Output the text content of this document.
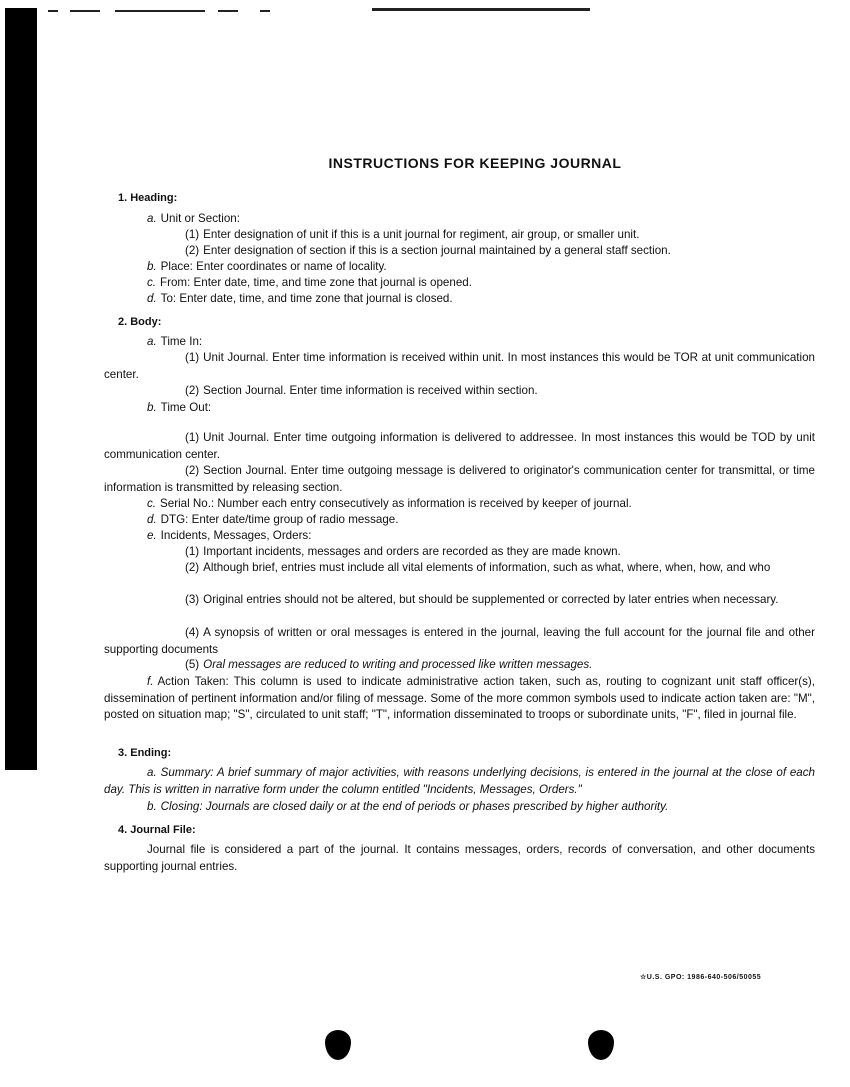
INSTRUCTIONS FOR KEEPING JOURNAL
1. Heading:
a. Unit or Section:
(1) Enter designation of unit if this is a unit journal for regiment, air group, or smaller unit.
(2) Enter designation of section if this is a section journal maintained by a general staff section.
b. Place: Enter coordinates or name of locality.
c. From: Enter date, time, and time zone that journal is opened.
d. To: Enter date, time, and time zone that journal is closed.
2. Body:
a. Time In:
(1) Unit Journal. Enter time information is received within unit. In most instances this would be TOR at unit communication center.
(2) Section Journal. Enter time information is received within section.
b. Time Out:
(1) Unit Journal. Enter time outgoing information is delivered to addressee. In most instances this would be TOD by unit communication center.
(2) Section Journal. Enter time outgoing message is delivered to originator's communication center for transmittal, or time information is transmitted by releasing section.
c. Serial No.: Number each entry consecutively as information is received by keeper of journal.
d. DTG: Enter date/time group of radio message.
e. Incidents, Messages, Orders:
(1) Important incidents, messages and orders are recorded as they are made known.
(2) Although brief, entries must include all vital elements of information, such as what, where, when, how, and who
(3) Original entries should not be altered, but should be supplemented or corrected by later entries when necessary.
(4) A synopsis of written or oral messages is entered in the journal, leaving the full account for the journal file and other supporting documents
(5) Oral messages are reduced to writing and processed like written messages.
f. Action Taken: This column is used to indicate administrative action taken, such as, routing to cognizant unit staff officer(s), dissemination of pertinent information and/or filing of message. Some of the more common symbols used to indicate action taken are: "M", posted on situation map; "S", circulated to unit staff; "T", information disseminated to troops or subordinate units, "F", filed in journal file.
3. Ending:
a. Summary: A brief summary of major activities, with reasons underlying decisions, is entered in the journal at the close of each day. This is written in narrative form under the column entitled "Incidents, Messages, Orders."
b. Closing: Journals are closed daily or at the end of periods or phases prescribed by higher authority.
4. Journal File:
Journal file is considered a part of the journal. It contains messages, orders, records of conversation, and other documents supporting journal entries.
☆U.S. GPO: 1986-640-506/50055
